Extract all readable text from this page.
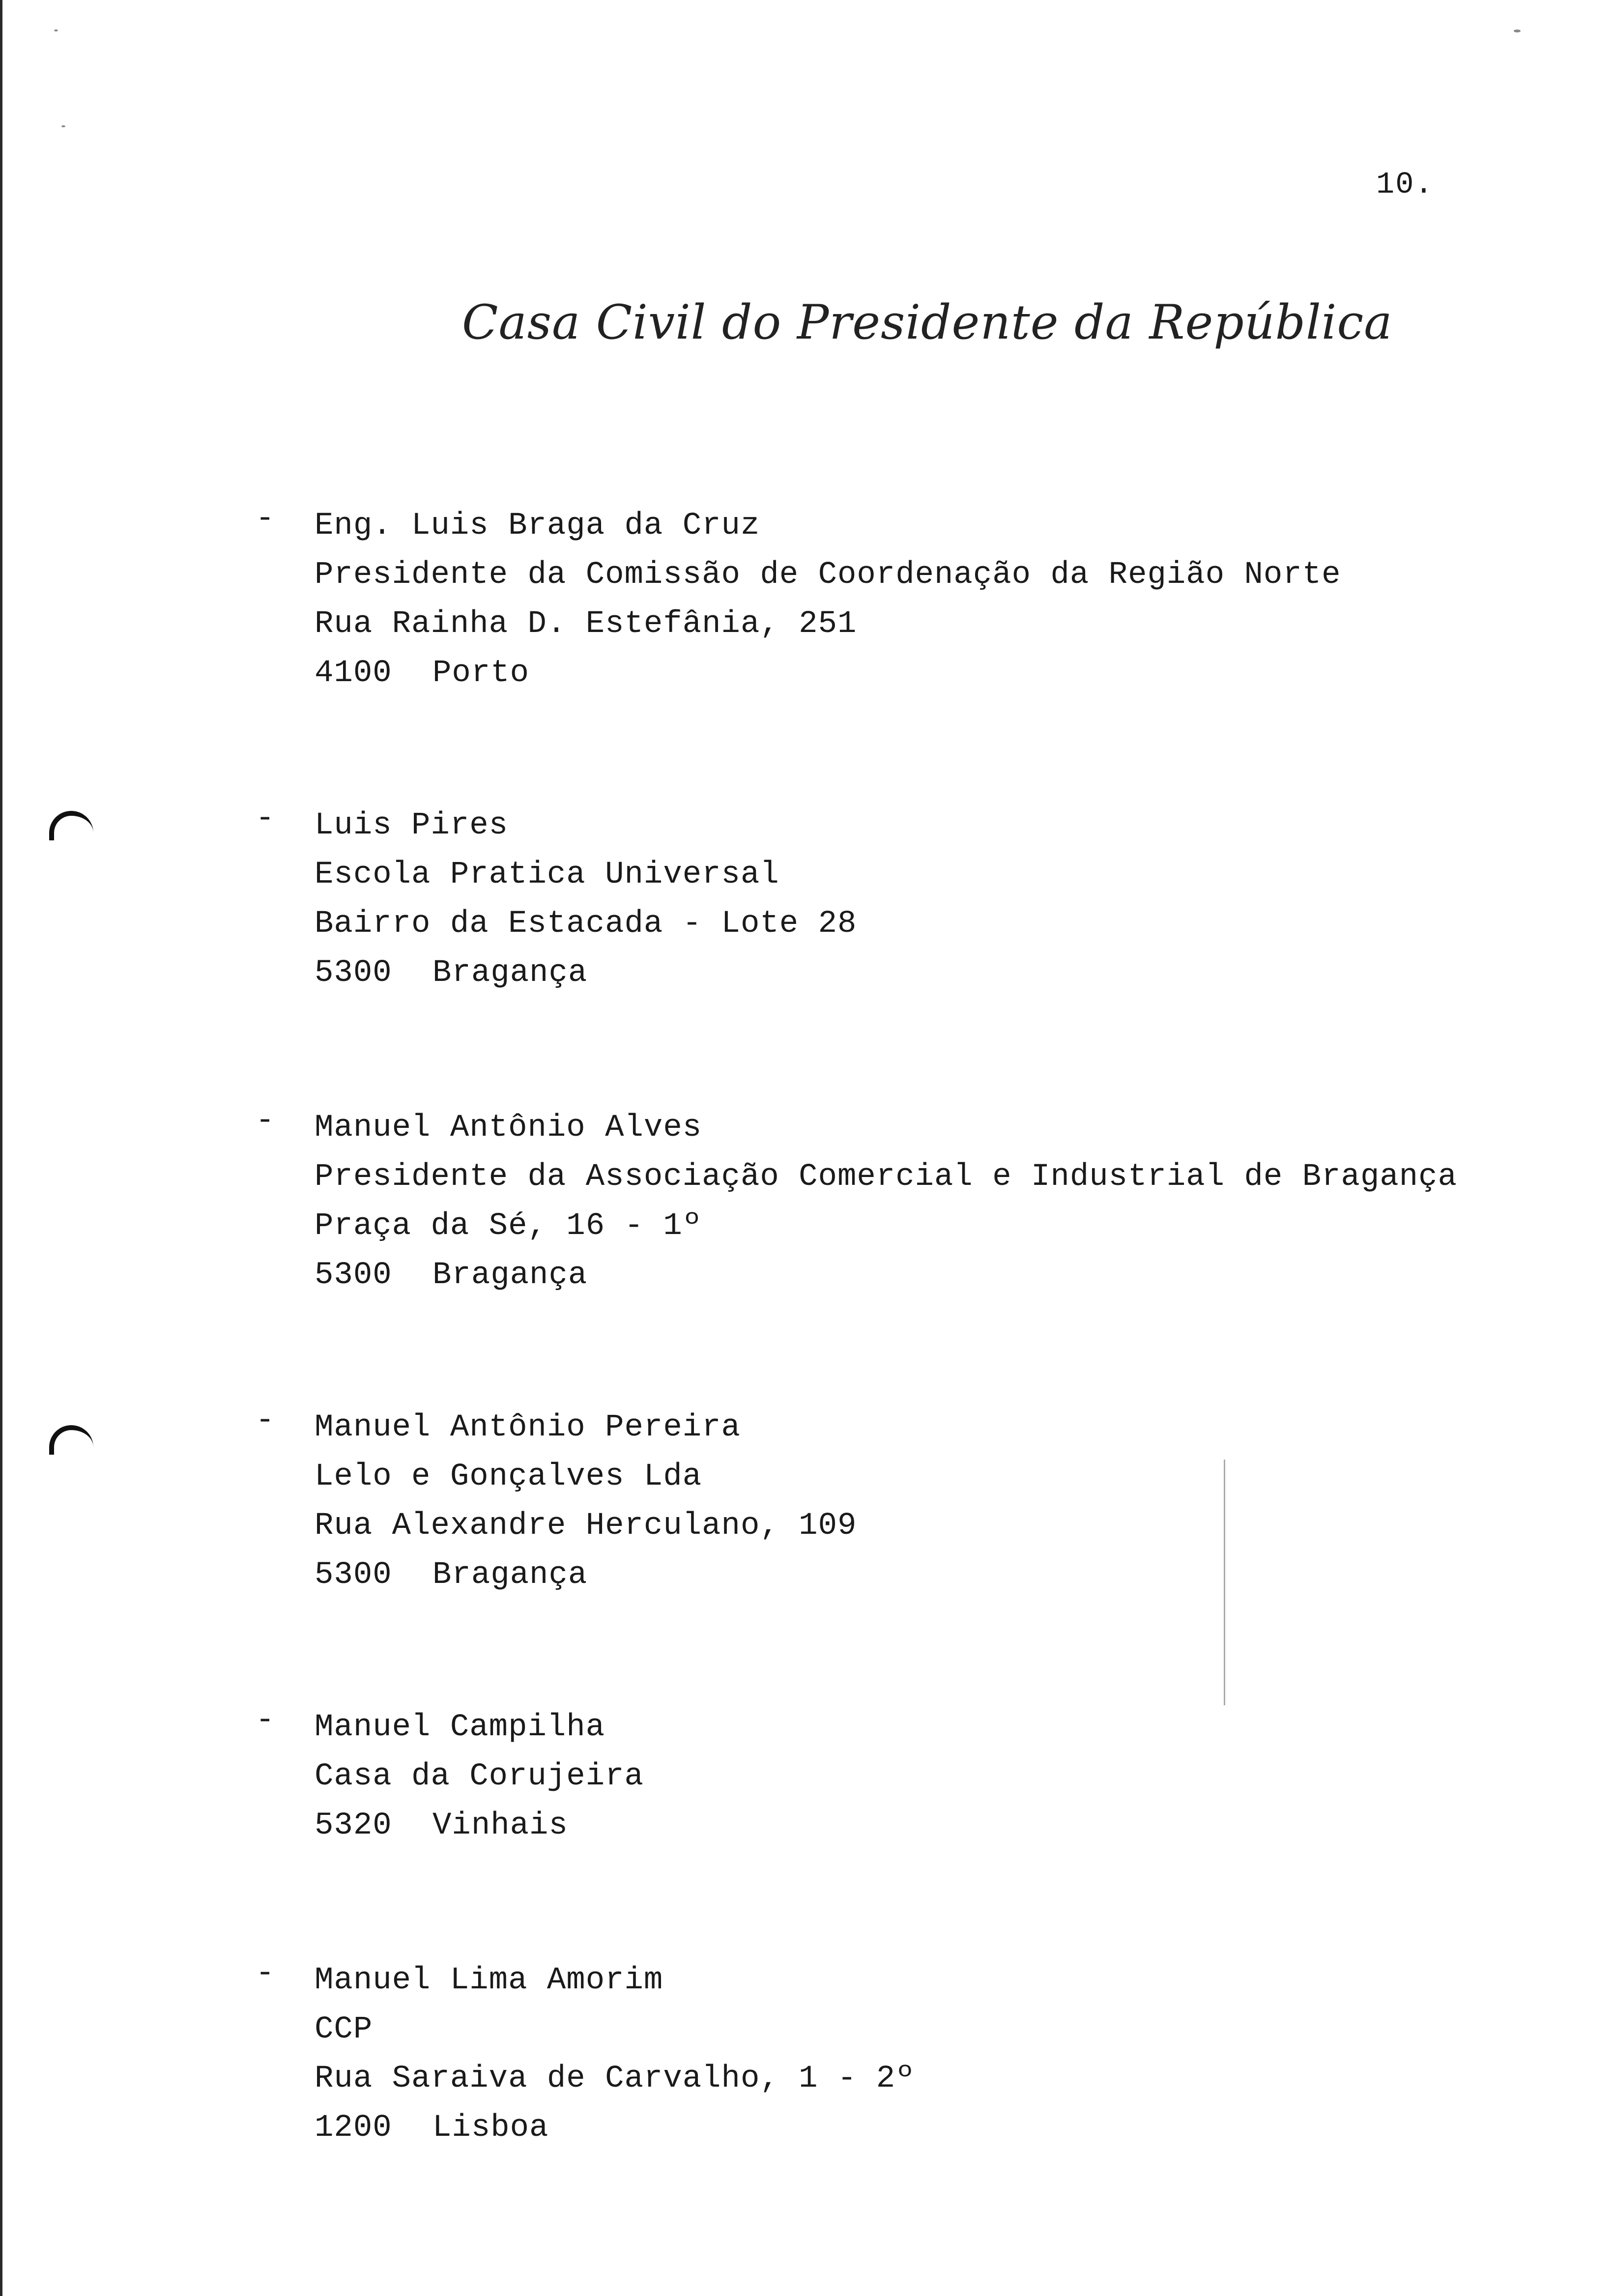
10.
Casa Civil do Presidente da República
- Eng. Luis Braga da Cruz
Presidente da Comissão de Coordenação da Região Norte
Rua Rainha D. Estefânia, 251
4100 Porto
- Luis Pires
Escola Pratica Universal
Bairro da Estacada - Lote 28
5300 Bragança
- Manuel Antônio Alves
Presidente da Associação Comercial e Industrial de Bragança
Praça da Sé, 16 - 1º
5300 Bragança
- Manuel Antônio Pereira
Lelo e Gonçalves Lda
Rua Alexandre Herculano, 109
5300 Bragança
- Manuel Campilha
Casa da Corujeira
5320 Vinhais
- Manuel Lima Amorim
CCP
Rua Saraiva de Carvalho, 1 - 2º
1200 Lisboa
